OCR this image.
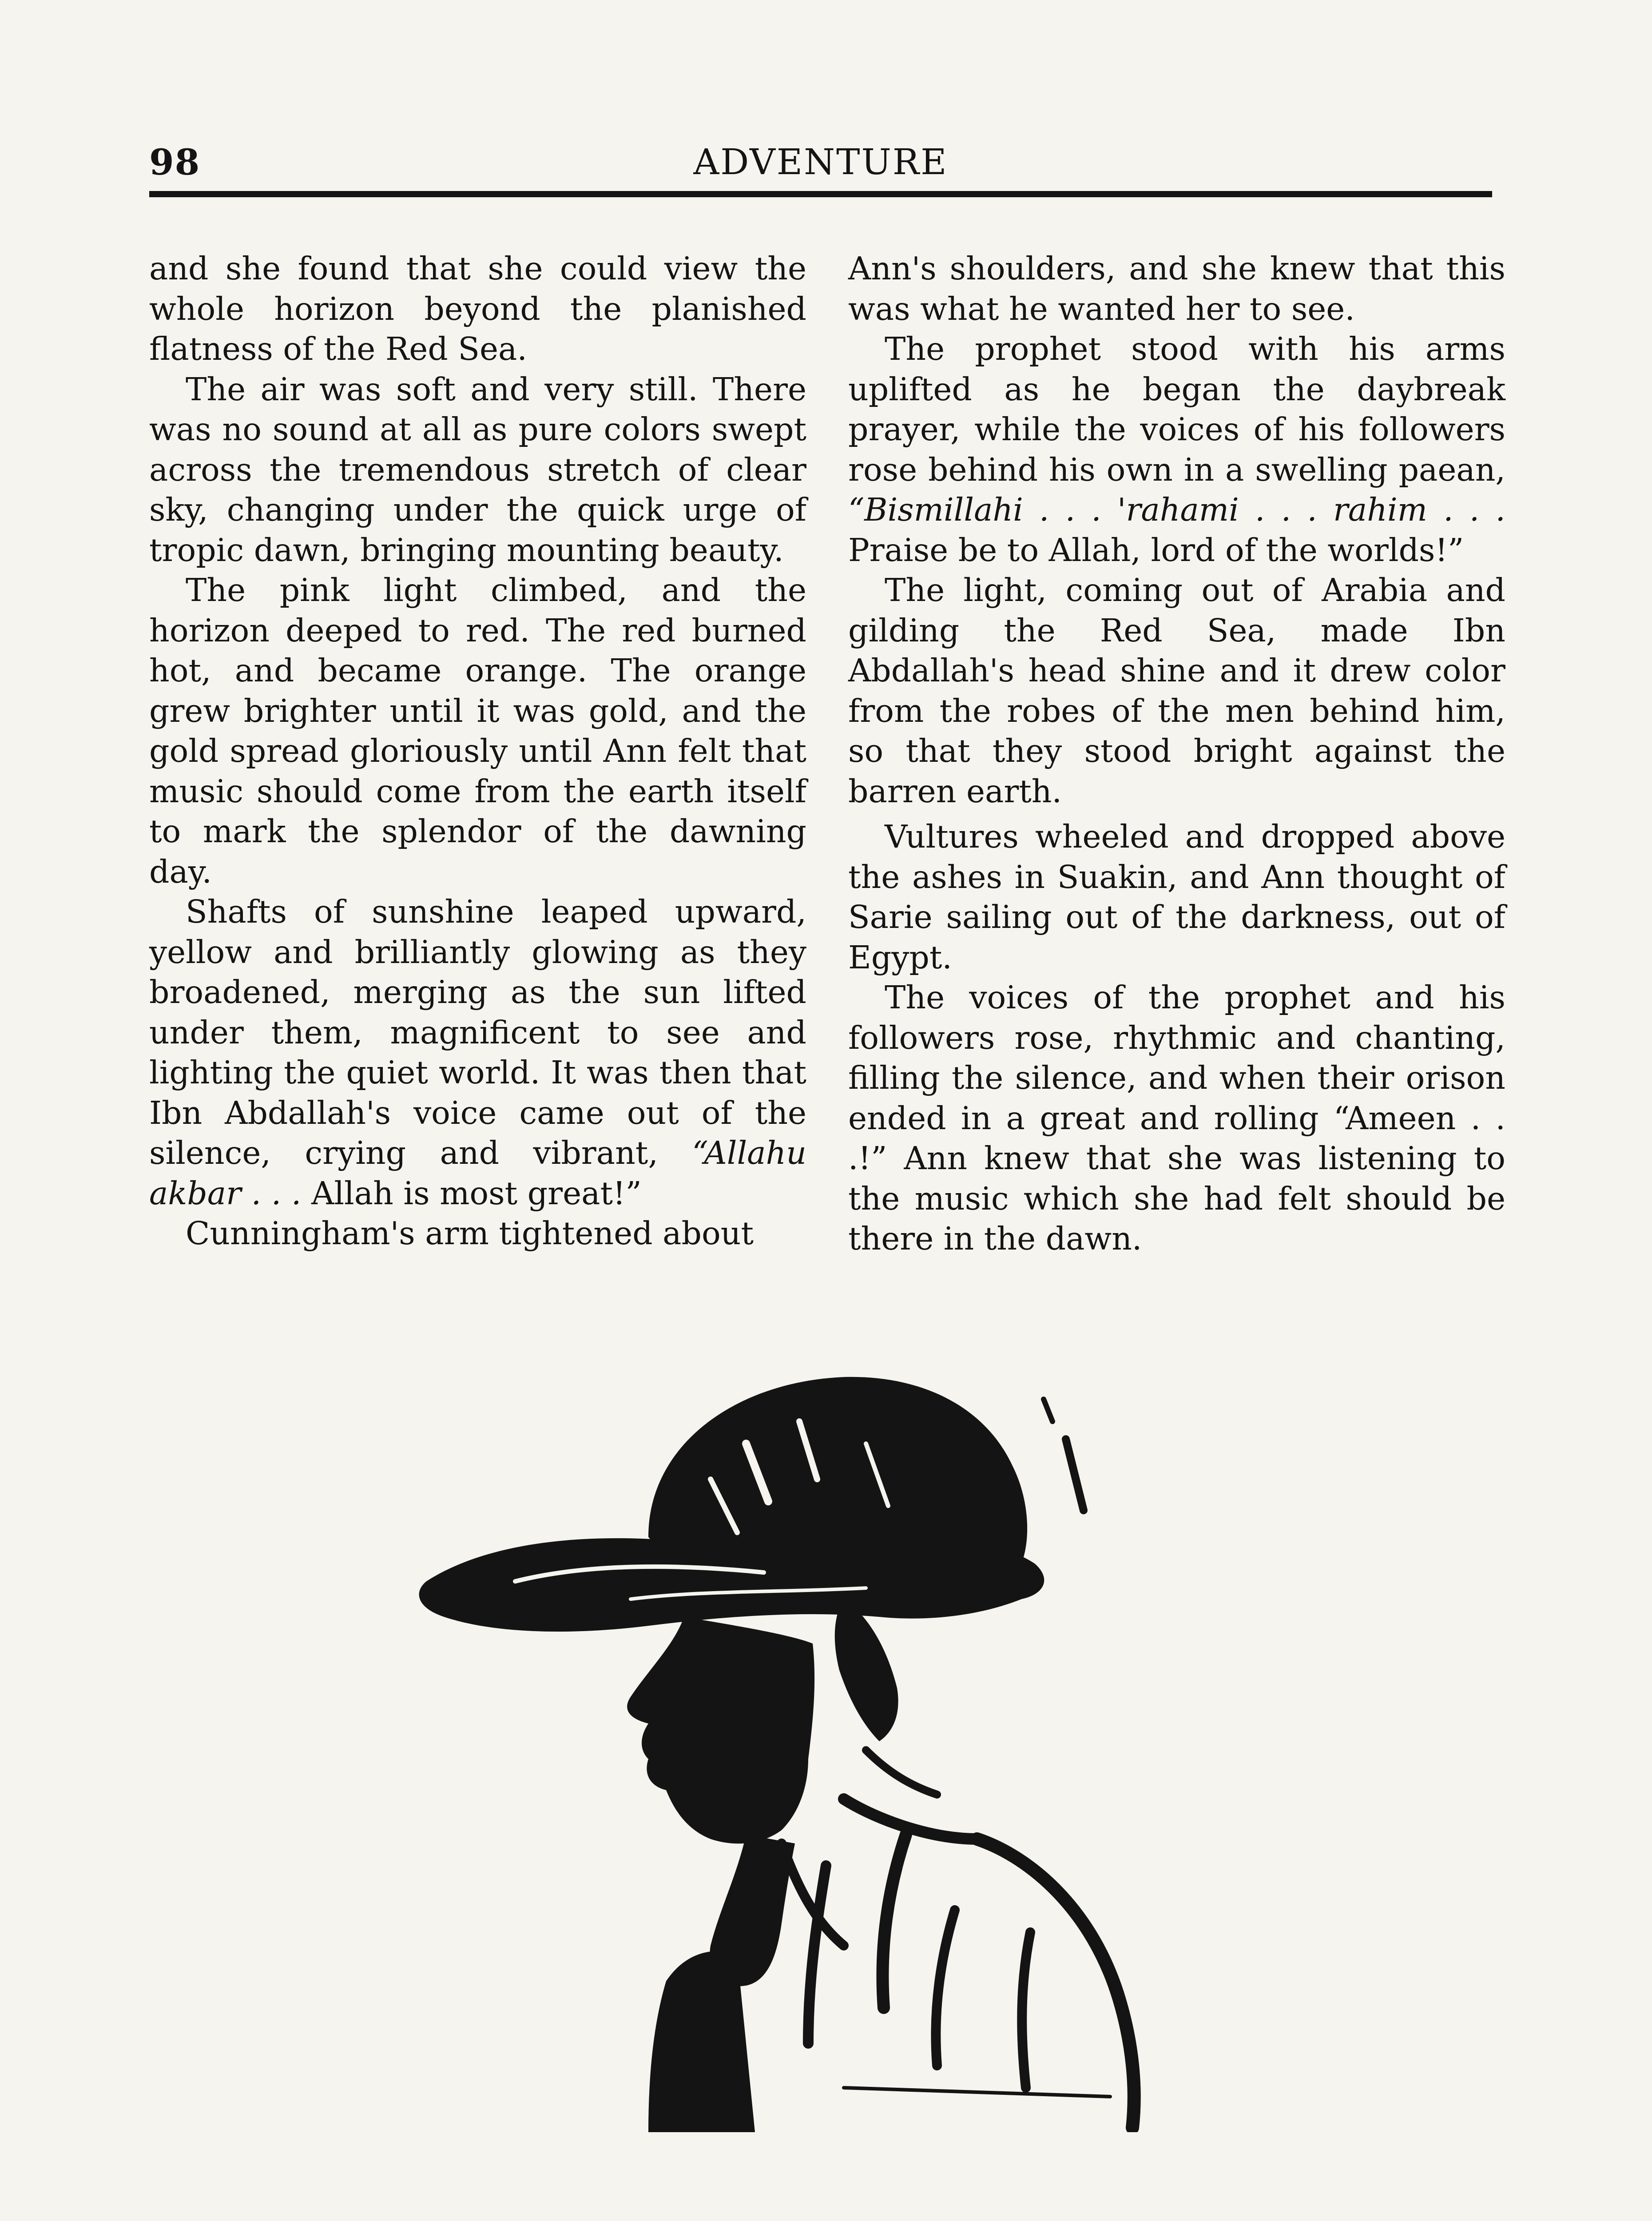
98	ADVENTURE

and she found that she could view the whole horizon beyond the planished flatness of the Red Sea.

The air was soft and very still. There was no sound at all as pure colors swept across the tremendous stretch of clear sky, changing under the quick urge of tropic dawn, bringing mounting beauty.

The pink light climbed, and the horizon deeped to red. The red burned hot, and became orange. The orange grew brighter until it was gold, and the gold spread gloriously until Ann felt that music should come from the earth itself to mark the splendor of the dawning day.

Shafts of sunshine leaped upward, yellow and brilliantly glowing as they broadened, merging as the sun lifted under them, magnificent to see and lighting the quiet world. It was then that Ibn Abdallah's voice came out of the silence, crying and vibrant, “Allahu akbar . . . Allah is most great!”

Cunningham's arm tightened about

Ann's shoulders, and she knew that this was what he wanted her to see.

The prophet stood with his arms uplifted as he began the daybreak prayer, while the voices of his followers rose behind his own in a swelling paean, “Bismillahi . . . 'rahami . . . rahim . . . Praise be to Allah, lord of the worlds!”

The light, coming out of Arabia and gilding the Red Sea, made Ibn Abdallah's head shine and it drew color from the robes of the men behind him, so that they stood bright against the barren earth.

Vultures wheeled and dropped above the ashes in Suakin, and Ann thought of Sarie sailing out of the darkness, out of Egypt.

The voices of the prophet and his followers rose, rhythmic and chanting, filling the silence, and when their orison ended in a great and rolling “Ameen . . .!” Ann knew that she was listening to the music which she had felt should be there in the dawn.
